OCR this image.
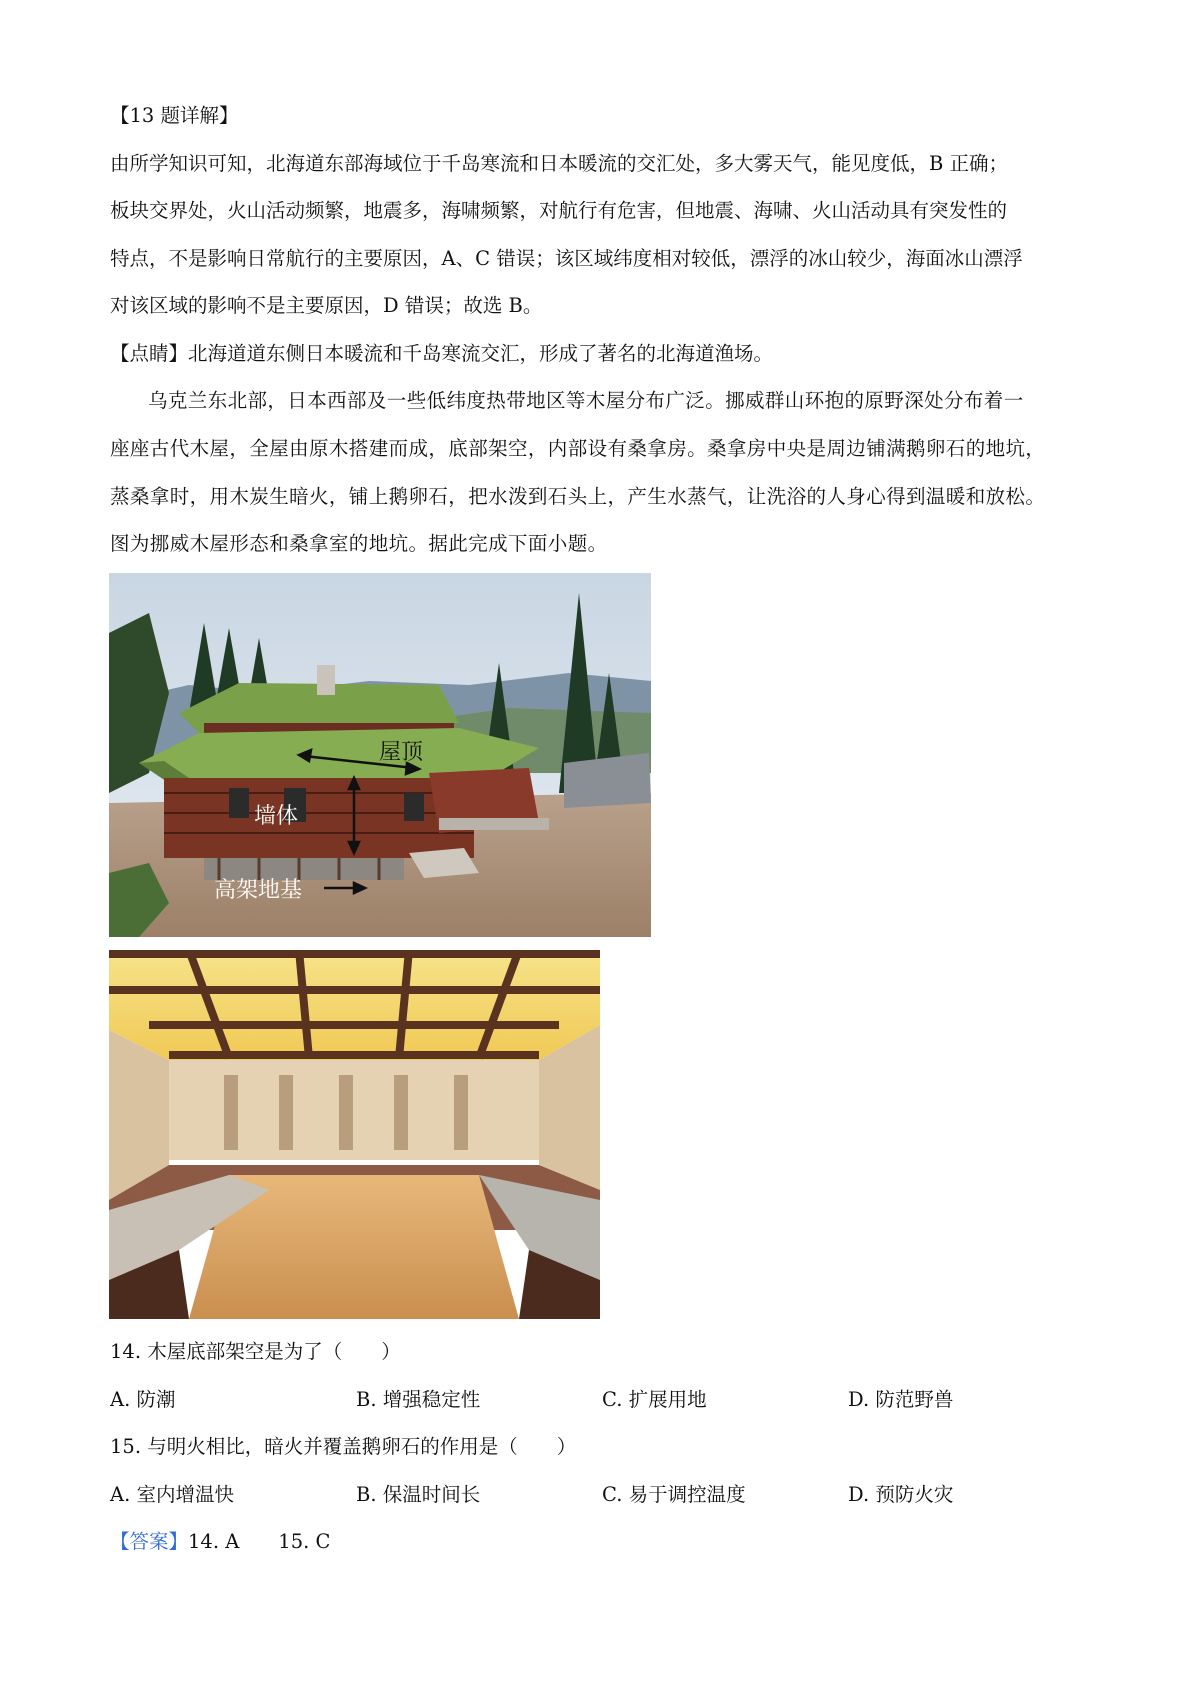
【13 题详解】
由所学知识可知，北海道东部海域位于千岛寒流和日本暖流的交汇处，多大雾天气，能见度低，B 正确；
板块交界处，火山活动频繁，地震多，海啸频繁，对航行有危害，但地震、海啸、火山活动具有突发性的
特点，不是影响日常航行的主要原因，A、C 错误；该区域纬度相对较低，漂浮的冰山较少，海面冰山漂浮
对该区域的影响不是主要原因，D 错误；故选 B。
【点睛】北海道道东侧日本暖流和千岛寒流交汇，形成了著名的北海道渔场。
乌克兰东北部，日本西部及一些低纬度热带地区等木屋分布广泛。挪威群山环抱的原野深处分布着一
座座古代木屋，全屋由原木搭建而成，底部架空，内部设有桑拿房。桑拿房中央是周边铺满鹅卵石的地坑，
蒸桑拿时，用木炭生暗火，铺上鹅卵石，把水泼到石头上，产生水蒸气，让洗浴的人身心得到温暖和放松。
图为挪威木屋形态和桑拿室的地坑。据此完成下面小题。
屋顶
墙体
高架地基
14. 木屋底部架空是为了（　　）
A. 防潮	B. 增强稳定性	C. 扩展用地	D. 防范野兽
15. 与明火相比，暗火并覆盖鹅卵石的作用是（　　）
A. 室内增温快	B. 保温时间长	C. 易于调控温度	D. 预防火灾
【答案】14. A　　15. C
